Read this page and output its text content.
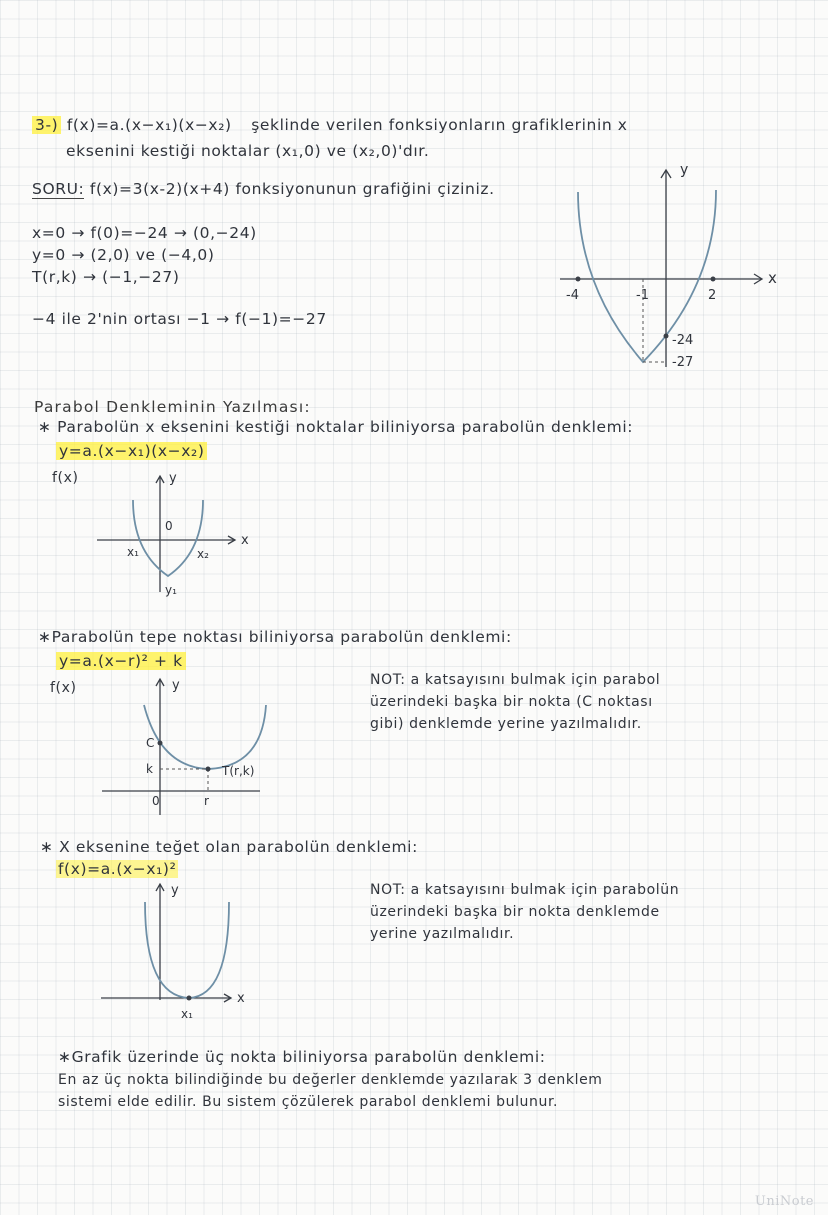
3-) f(x)=a.(x−x₁)(x−x₂) şeklinde verilen fonksiyonların grafiklerinin x
eksenini kestiği noktalar (x₁,0) ve (x₂,0)'dır.
SORU: f(x)=3(x-2)(x+4) fonksiyonunun grafiğini çiziniz.
x=0 → f(0)=−24 → (0,−24)
y=0 → (2,0) ve (−4,0)
T(r,k) → (−1,−27)
−4 ile 2'nin ortası −1 → f(−1)=−27
y
x
-4	-1	2
-24
-27
Parabol Denkleminin Yazılması:
∗ Parabolün x eksenini kestiği noktalar biliniyorsa parabolün denklemi:
y=a.(x−x₁)(x−x₂)
f(x)	y
x
0
x₁	x₂
y₁
∗Parabolün tepe noktası biliniyorsa parabolün denklemi:
y=a.(x−r)² + k
f(x)	y
C
k
0	r
T(r,k)
NOT: a katsayısını bulmak için parabol
üzerindeki başka bir nokta (C noktası
gibi) denklemde yerine yazılmalıdır.
∗ X eksenine teğet olan parabolün denklemi:
f(x)=a.(x−x₁)²
y
x
x₁
NOT: a katsayısını bulmak için parabolün
üzerindeki başka bir nokta denklemde
yerine yazılmalıdır.
∗Grafik üzerinde üç nokta biliniyorsa parabolün denklemi:
En az üç nokta bilindiğinde bu değerler denklemde yazılarak 3 denklem
sistemi elde edilir. Bu sistem çözülerek parabol denklemi bulunur.
UniNote
